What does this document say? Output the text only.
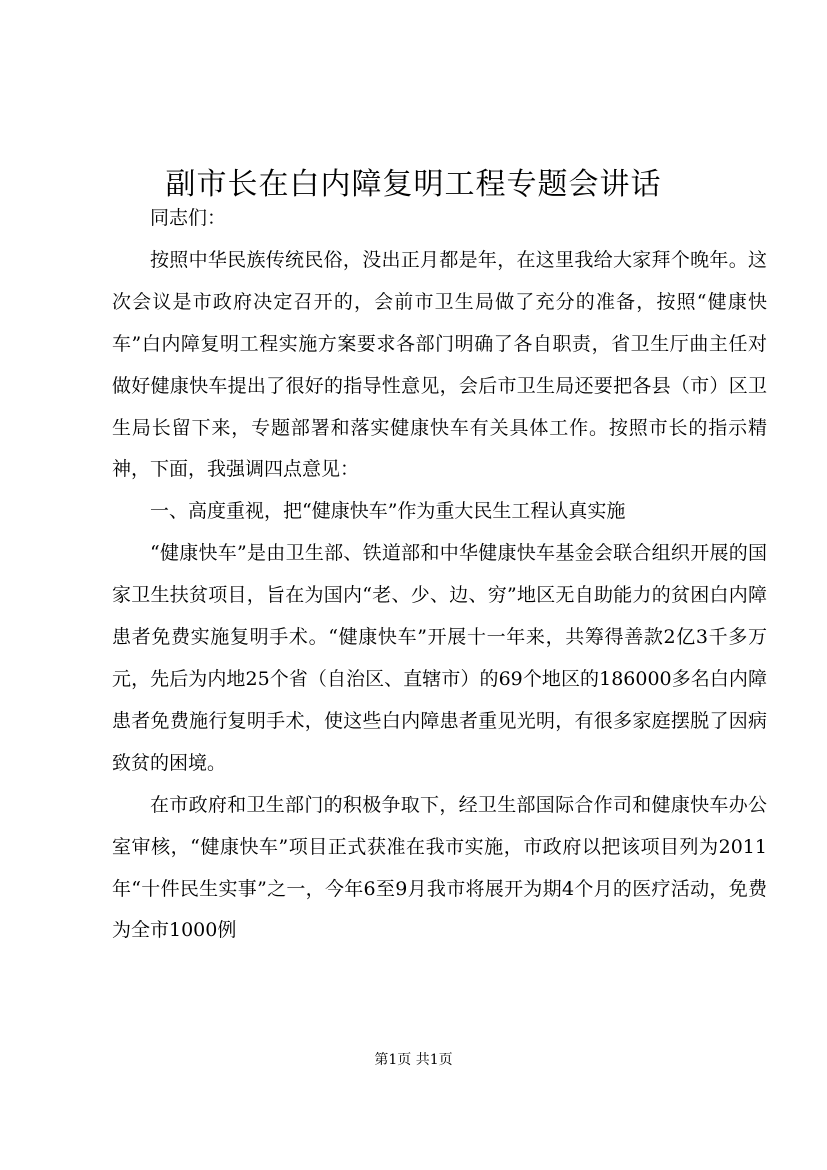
副市长在白内障复明工程专题会讲话

同志们：

按照中华民族传统民俗，没出正月都是年，在这里我给大家拜个晚年。这次会议是市政府决定召开的，会前市卫生局做了充分的准备，按照“健康快车”白内障复明工程实施方案要求各部门明确了各自职责，省卫生厅曲主任对做好健康快车提出了很好的指导性意见，会后市卫生局还要把各县（市）区卫生局长留下来，专题部署和落实健康快车有关具体工作。按照市长的指示精神，下面，我强调四点意见：

一、高度重视，把“健康快车”作为重大民生工程认真实施

“健康快车”是由卫生部、铁道部和中华健康快车基金会联合组织开展的国家卫生扶贫项目，旨在为国内“老、少、边、穷”地区无自助能力的贫困白内障患者免费实施复明手术。“健康快车”开展十一年来，共筹得善款2亿3千多万元，先后为内地25个省（自治区、直辖市）的69个地区的186000多名白内障患者免费施行复明手术，使这些白内障患者重见光明，有很多家庭摆脱了因病致贫的困境。

在市政府和卫生部门的积极争取下，经卫生部国际合作司和健康快车办公室审核，“健康快车”项目正式获准在我市实施，市政府以把该项目列为2011年“十件民生实事”之一，今年6至9月我市将展开为期4个月的医疗活动，免费为全市1000例

第1页 共1页
